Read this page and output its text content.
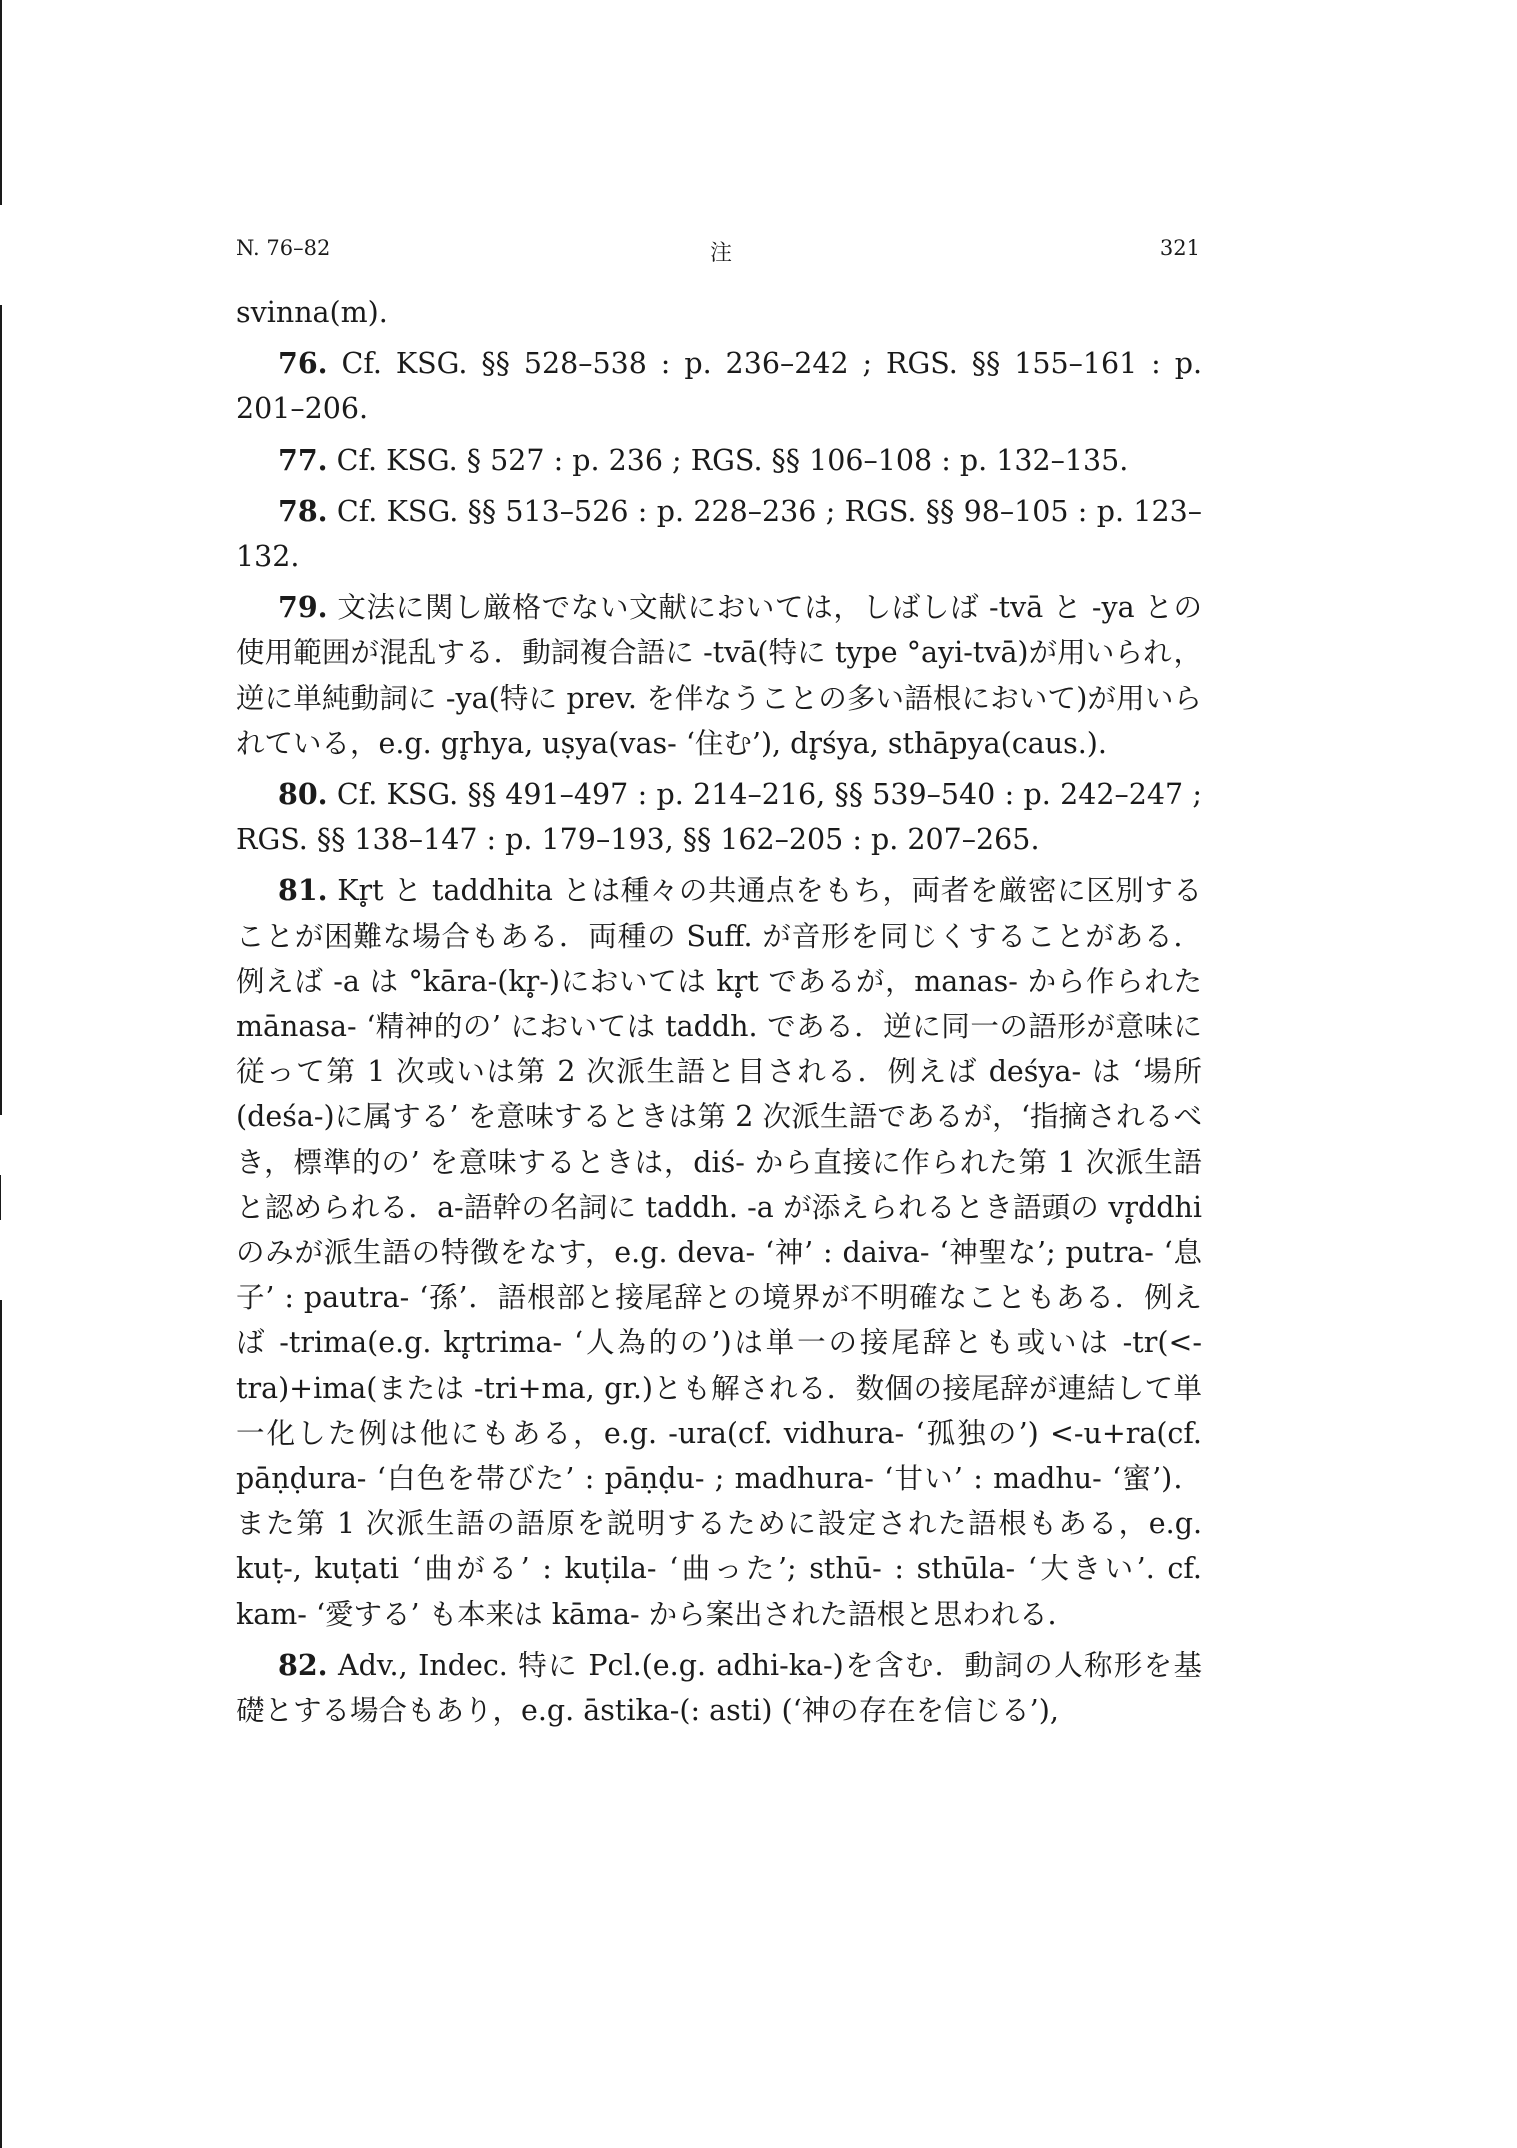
N. 76–82	注	321

svinna(m).

76. Cf. KSG. §§ 528–538 : p. 236–242 ; RGS. §§ 155–161 : p. 201–206.

77. Cf. KSG. § 527 : p. 236 ; RGS. §§ 106–108 : p. 132–135.

78. Cf. KSG. §§ 513–526 : p. 228–236 ; RGS. §§ 98–105 : p. 123–132.

79. 文法に関し厳格でない文献においては，しばしば -tvā と -ya との使用範囲が混乱する．動詞複合語に -tvā(特に type °ayi-tvā)が用いられ，逆に単純動詞に -ya(特に prev. を伴なうことの多い語根において)が用いられている，e.g. gr̥hya, uṣya(vas- ‘住む’), dr̥śya, sthāpya(caus.).

80. Cf. KSG. §§ 491–497 : p. 214–216, §§ 539–540 : p. 242–247 ; RGS. §§ 138–147 : p. 179–193, §§ 162–205 : p. 207–265.

81. Kr̥t と taddhita とは種々の共通点をもち，両者を厳密に区別することが困難な場合もある．両種の Suff. が音形を同じくすることがある．例えば -a は °kāra-(kr̥-)においては kr̥t であるが，manas- から作られた mānasa- ‘精神的の’ においては taddh. である．逆に同一の語形が意味に従って第 1 次或いは第 2 次派生語と目される．例えば deśya- は ‘場所(deśa-)に属する’ を意味するときは第 2 次派生語であるが，‘指摘されるべき，標準的の’ を意味するときは，diś- から直接に作られた第 1 次派生語と認められる．a-語幹の名詞に taddh. -a が添えられるとき語頭の vr̥ddhi のみが派生語の特徴をなす，e.g. deva- ‘神’ : daiva- ‘神聖な’; putra- ‘息子’ : pautra- ‘孫’．語根部と接尾辞との境界が不明確なこともある．例えば -trima(e.g. kr̥trima- ‘人為的の’)は単一の接尾辞とも或いは -tr(<-tra)+ima(または -tri+ma, gr.)とも解される．数個の接尾辞が連結して単一化した例は他にもある，e.g. -ura(cf. vidhura- ‘孤独の’) <-u+ra(cf. pāṇḍura- ‘白色を帯びた’ : pāṇḍu- ; madhura- ‘甘い’ : madhu- ‘蜜’)．また第 1 次派生語の語原を説明するために設定された語根もある，e.g. kuṭ-, kuṭati ‘曲がる’ : kuṭila- ‘曲った’; sthū- : sthūla- ‘大きい’. cf. kam- ‘愛する’ も本来は kāma- から案出された語根と思われる．

82. Adv., Indec. 特に Pcl.(e.g. adhi-ka-)を含む．動詞の人称形を基礎とする場合もあり，e.g. āstika-(: asti) (‘神の存在を信じる’),
